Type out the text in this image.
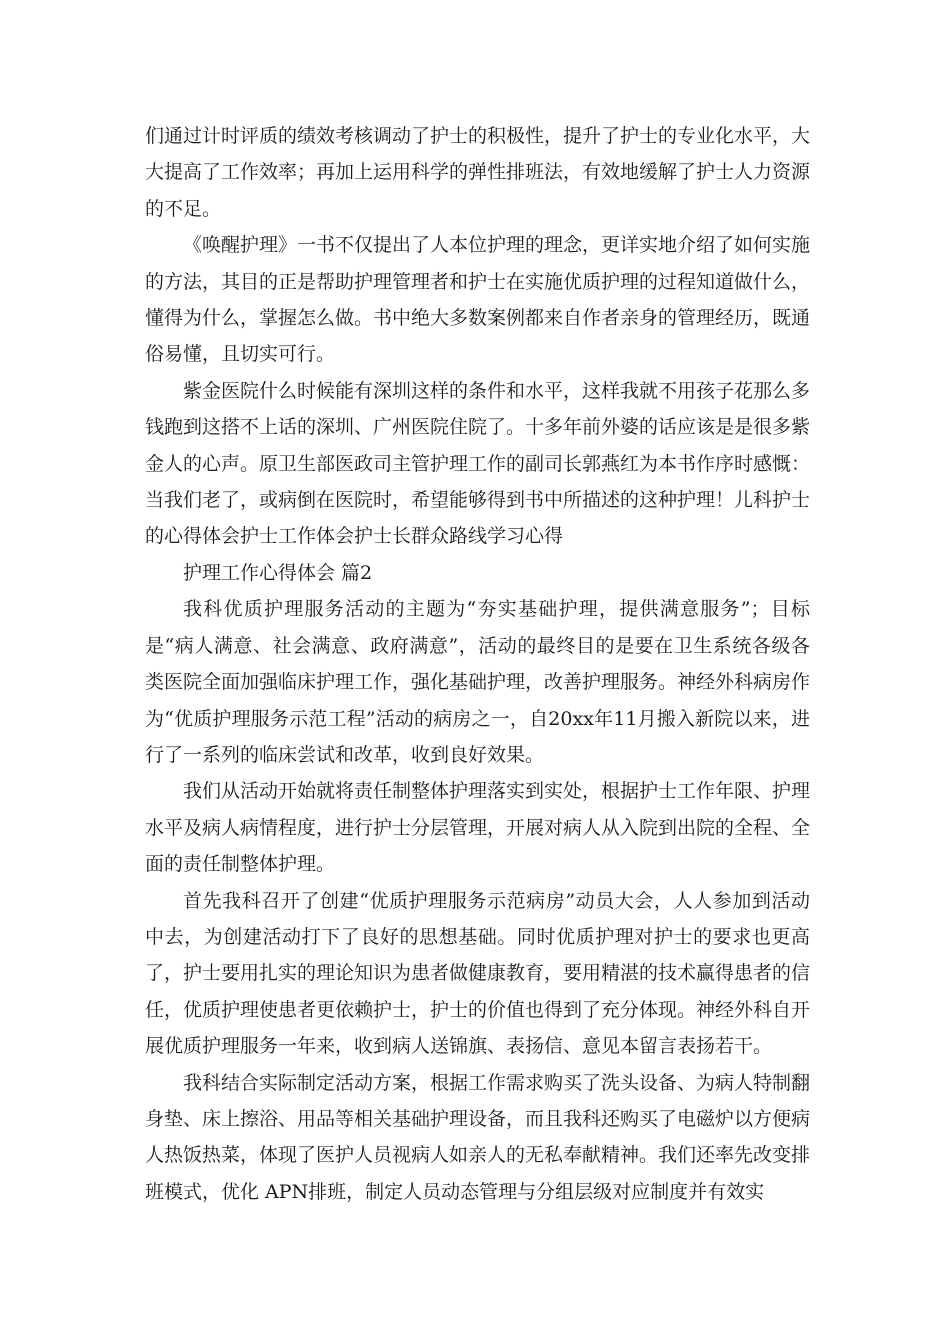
们通过计时评质的绩效考核调动了护士的积极性，提升了护士的专业化水平，大大提高了工作效率；再加上运用科学的弹性排班法，有效地缓解了护士人力资源的不足。

《唤醒护理》一书不仅提出了人本位护理的理念，更详实地介绍了如何实施的方法，其目的正是帮助护理管理者和护士在实施优质护理的过程知道做什么，懂得为什么，掌握怎么做。书中绝大多数案例都来自作者亲身的管理经历，既通俗易懂，且切实可行。

紫金医院什么时候能有深圳这样的条件和水平，这样我就不用孩子花那么多钱跑到这搭不上话的深圳、广州医院住院了。十多年前外婆的话应该是是很多紫金人的心声。原卫生部医政司主管护理工作的副司长郭燕红为本书作序时感慨：当我们老了，或病倒在医院时，希望能够得到书中所描述的这种护理！儿科护士的心得体会护士工作体会护士长群众路线学习心得

护理工作心得体会 篇2

我科优质护理服务活动的主题为“夯实基础护理，提供满意服务”；目标是“病人满意、社会满意、政府满意”，活动的最终目的是要在卫生系统各级各类医院全面加强临床护理工作，强化基础护理，改善护理服务。神经外科病房作为“优质护理服务示范工程”活动的病房之一，自20xx年11月搬入新院以来，进行了一系列的临床尝试和改革，收到良好效果。

我们从活动开始就将责任制整体护理落实到实处，根据护士工作年限、护理水平及病人病情程度，进行护士分层管理，开展对病人从入院到出院的全程、全面的责任制整体护理。

首先我科召开了创建“优质护理服务示范病房”动员大会，人人参加到活动中去，为创建活动打下了良好的思想基础。同时优质护理对护士的要求也更高了，护士要用扎实的理论知识为患者做健康教育，要用精湛的技术赢得患者的信任，优质护理使患者更依赖护士，护士的价值也得到了充分体现。神经外科自开展优质护理服务一年来，收到病人送锦旗、表扬信、意见本留言表扬若干。

我科结合实际制定活动方案，根据工作需求购买了洗头设备、为病人特制翻身垫、床上擦浴、用品等相关基础护理设备，而且我科还购买了电磁炉以方便病人热饭热菜，体现了医护人员视病人如亲人的无私奉献精神。我们还率先改变排班模式，优化 APN排班，制定人员动态管理与分组层级对应制度并有效实
